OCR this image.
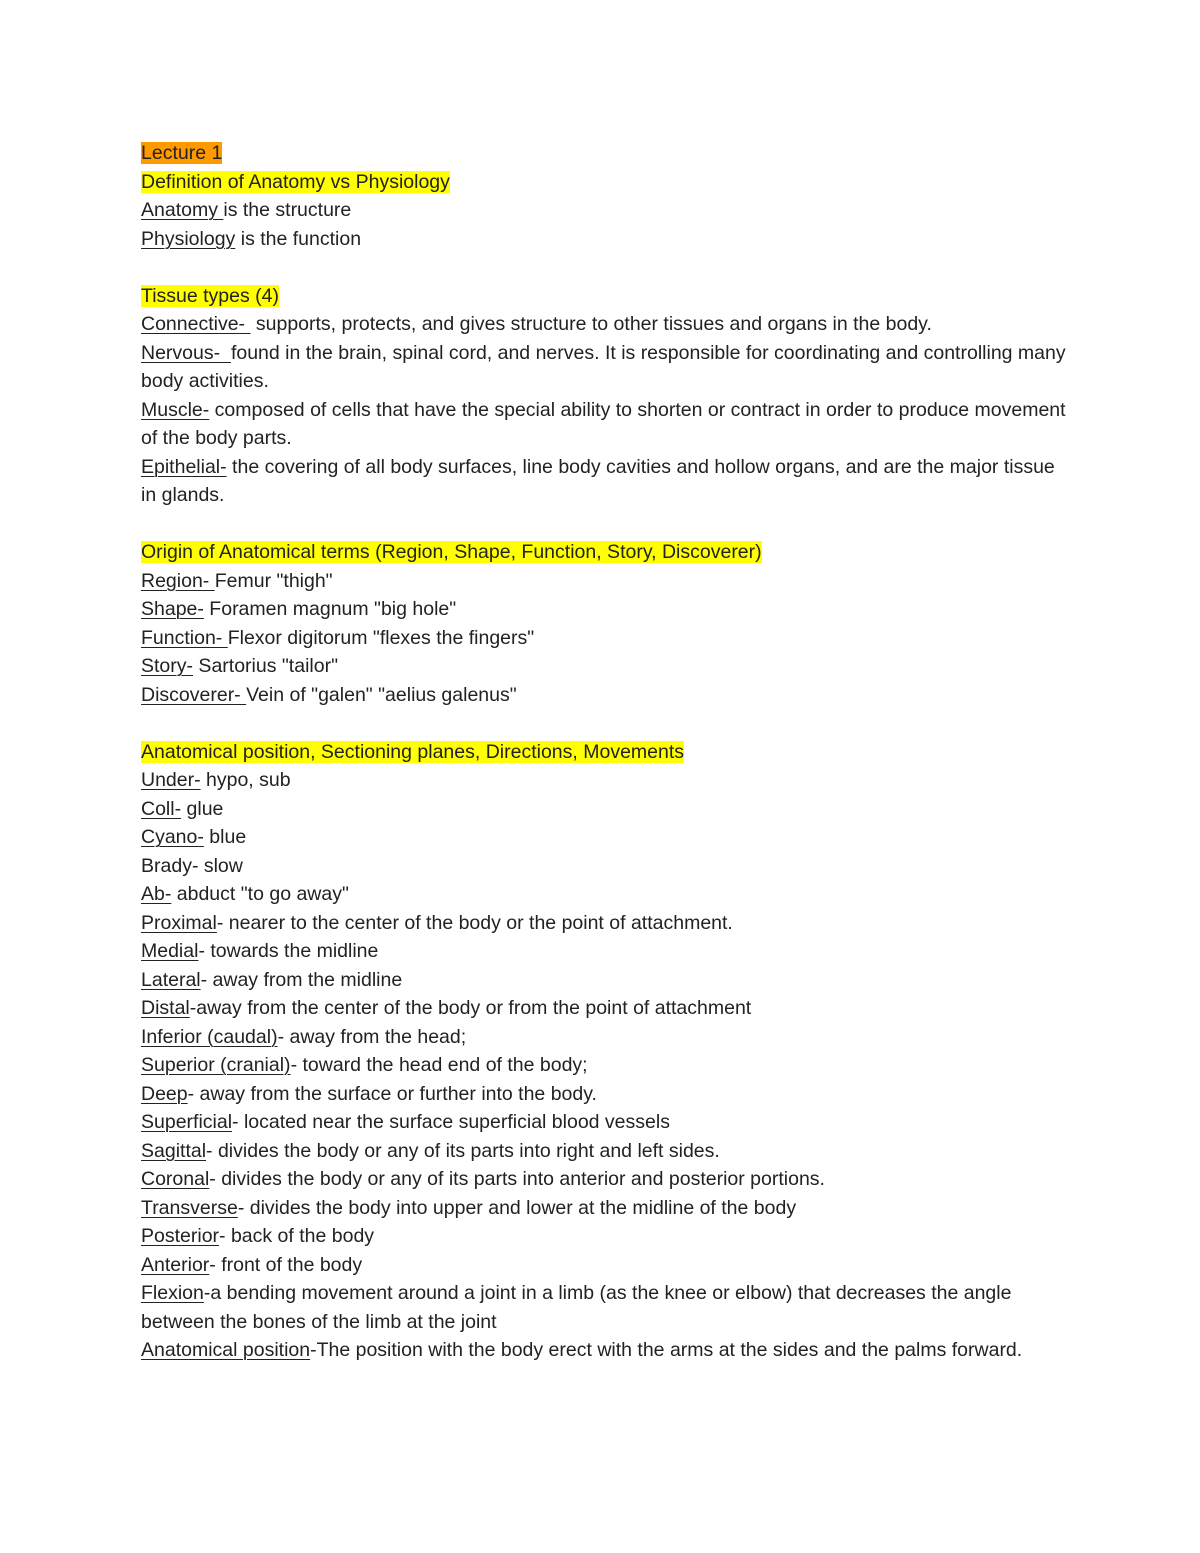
Lecture 1
Definition of Anatomy vs Physiology
Anatomy is the structure
Physiology is the function
Tissue types (4)
Connective-  supports, protects, and gives structure to other tissues and organs in the body.
Nervous-  found in the brain, spinal cord, and nerves. It is responsible for coordinating and controlling many body activities.
Muscle- composed of cells that have the special ability to shorten or contract in order to produce movement of the body parts.
Epithelial- the covering of all body surfaces, line body cavities and hollow organs, and are the major tissue in glands.
Origin of Anatomical terms (Region, Shape, Function, Story, Discoverer)
Region- Femur "thigh"
Shape- Foramen magnum "big hole"
Function- Flexor digitorum "flexes the fingers"
Story- Sartorius "tailor"
Discoverer- Vein of "galen" "aelius galenus"
Anatomical position, Sectioning planes, Directions, Movements
Under- hypo, sub
Coll- glue
Cyano- blue
Brady- slow
Ab- abduct "to go away"
Proximal- nearer to the center of the body or the point of attachment.
Medial- towards the midline
Lateral- away from the midline
Distal-away from the center of the body or from the point of attachment
Inferior (caudal)- away from the head;
Superior (cranial)- toward the head end of the body;
Deep- away from the surface or further into the body.
Superficial- located near the surface superficial blood vessels
Sagittal- divides the body or any of its parts into right and left sides.
Coronal- divides the body or any of its parts into anterior and posterior portions.
Transverse- divides the body into upper and lower at the midline of the body
Posterior- back of the body
Anterior- front of the body
Flexion-a bending movement around a joint in a limb (as the knee or elbow) that decreases the angle between the bones of the limb at the joint
Anatomical position-The position with the body erect with the arms at the sides and the palms forward.
